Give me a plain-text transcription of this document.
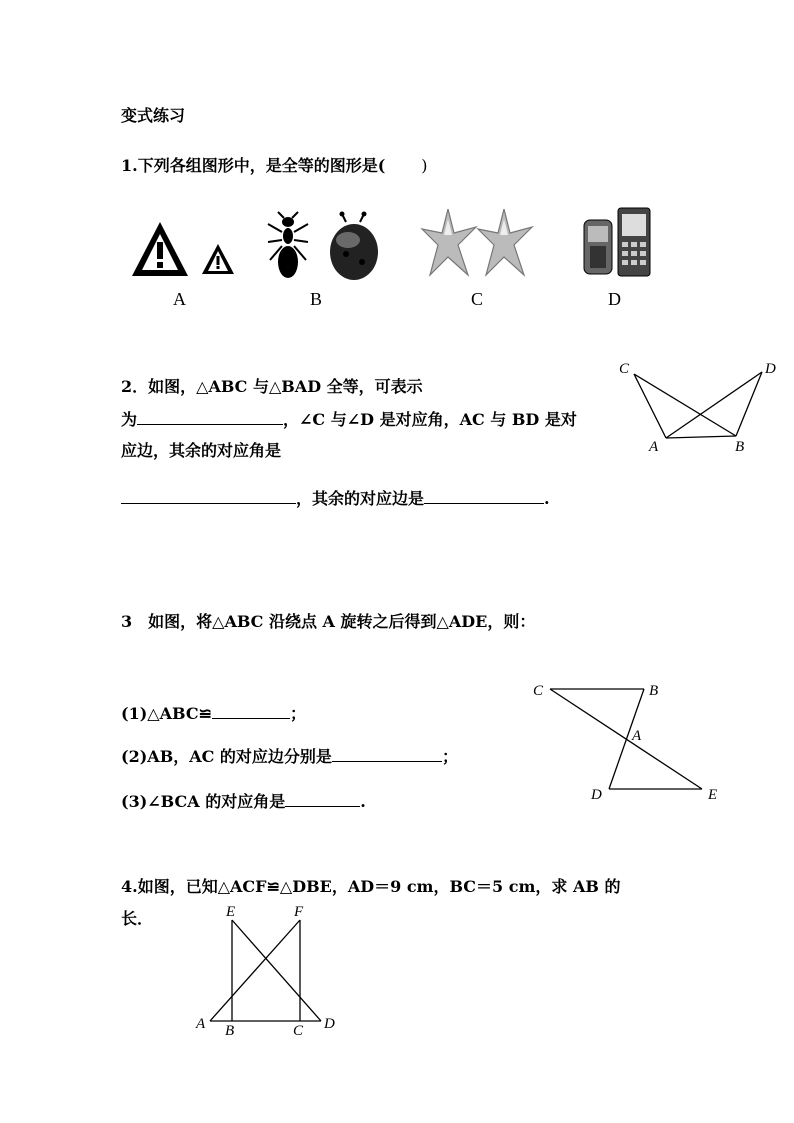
变式练习
1.下列各组图形中，是全等的图形是( )
A	B	C	D
2．如图，△ABC 与△BAD 全等，可表示
为	，∠C 与∠D 是对应角，AC 与 BD 是对
应边，其余的对应角是
，其余的对应边是	.
C	D
A	B
3　如图，将△ABC 沿绕点 A 旋转之后得到△ADE，则：
(1)△ABC≌	；
(2)AB，AC 的对应边分别是	；
(3)∠BCA 的对应角是	.
C	B
A
D	E
4.如图，已知△ACF≌△DBE，AD＝9 cm，BC＝5 cm，求 AB 的
长．	E	F
A B	C D
